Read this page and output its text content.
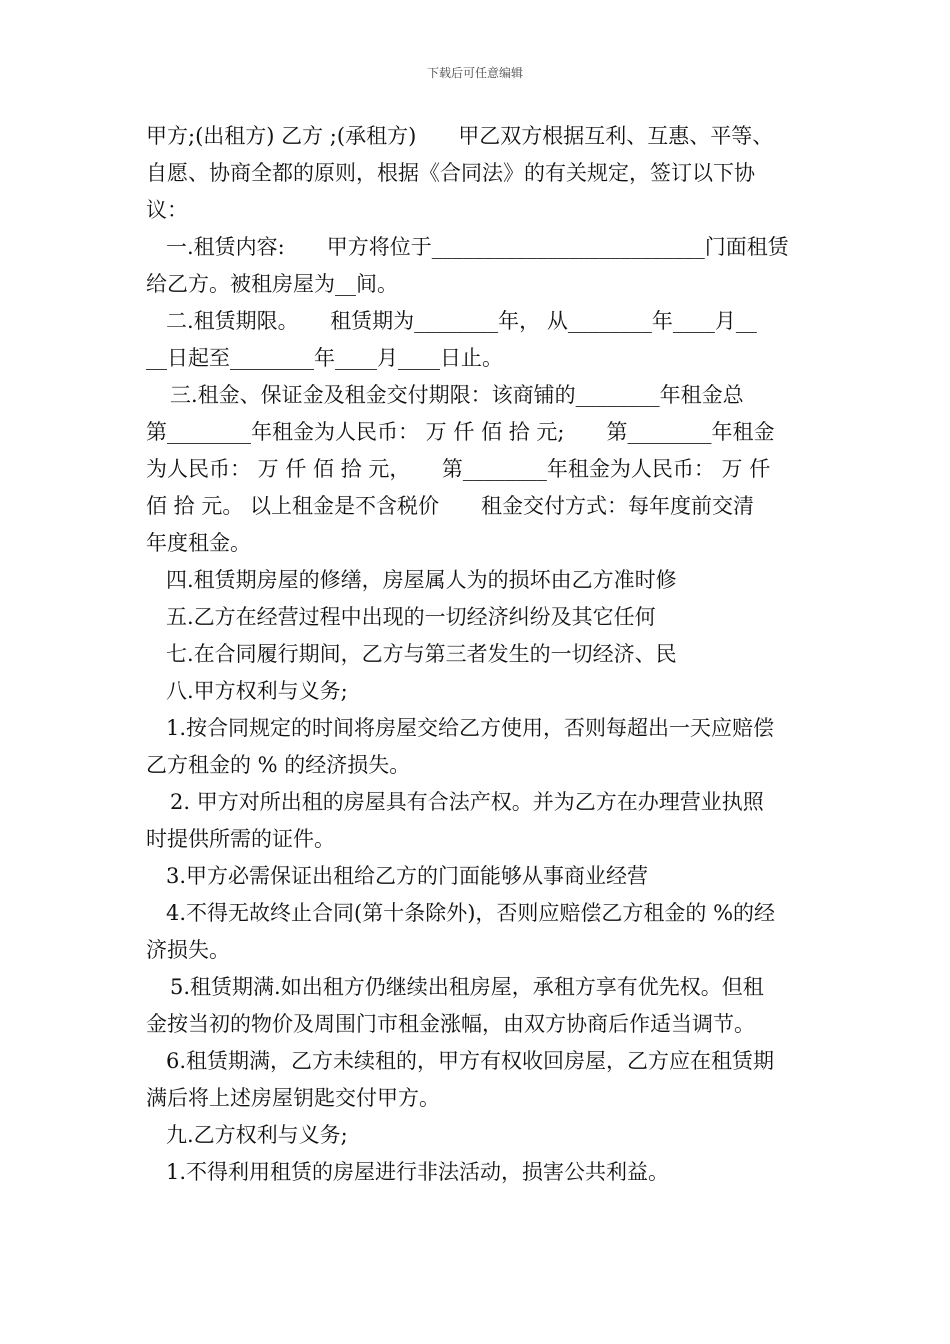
下载后可任意编辑
甲方;(出租方) 乙方 ;(承租方)　　甲乙双方根据互利、互惠、平等、
自愿、协商全都的原则，根据《合同法》的有关规定，签订以下协
议：
一.租赁内容:　　甲方将位于__________________________门面租赁
给乙方。被租房屋为__间。
二.租赁期限。　　租赁期为________年， 从________年____月__
__日起至________年____月____日止。
三.租金、保证金及租金交付期限：该商铺的________年租金总
第________年租金为人民币： 万 仟 佰 拾 元;　　第________年租金
为人民币： 万 仟 佰 拾 元，　　第________年租金为人民币： 万 仟
佰 拾 元。 以上租金是不含税价　　租金交付方式：每年度前交清
年度租金。
四.租赁期房屋的修缮，房屋属人为的损坏由乙方准时修
五.乙方在经营过程中出现的一切经济纠纷及其它任何
七.在合同履行期间，乙方与第三者发生的一切经济、民
八.甲方权利与义务;
1.按合同规定的时间将房屋交给乙方使用，否则每超出一天应赔偿
乙方租金的 % 的经济损失。
2. 甲方对所出租的房屋具有合法产权。并为乙方在办理营业执照
时提供所需的证件。
3.甲方必需保证出租给乙方的门面能够从事商业经营
4.不得无故终止合同(第十条除外)，否则应赔偿乙方租金的 %的经
济损失。
5.租赁期满.如出租方仍继续出租房屋，承租方享有优先权。但租
金按当初的物价及周围门市租金涨幅，由双方协商后作适当调节。
6.租赁期满，乙方未续租的，甲方有权收回房屋，乙方应在租赁期
满后将上述房屋钥匙交付甲方。
九.乙方权利与义务;
1.不得利用租赁的房屋进行非法活动，损害公共利益。
